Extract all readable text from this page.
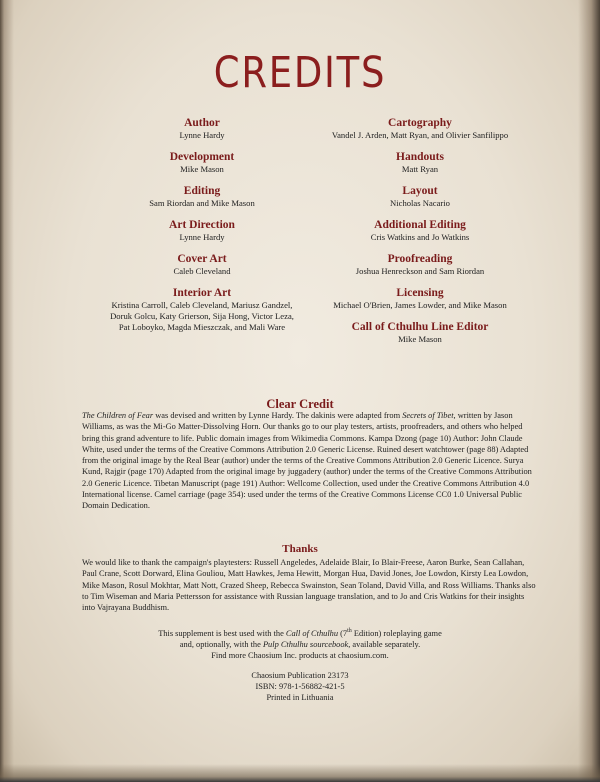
CREDITS
Author
Lynne Hardy
Development
Mike Mason
Editing
Sam Riordan and Mike Mason
Art Direction
Lynne Hardy
Cover Art
Caleb Cleveland
Interior Art
Kristina Carroll, Caleb Cleveland, Mariusz Gandzel,
Doruk Golcu, Katy Grierson, Sija Hong, Victor Leza,
Pat Loboyko, Magda Mieszczak, and Mali Ware
Cartography
Vandel J. Arden, Matt Ryan, and Olivier Sanfilippo
Handouts
Matt Ryan
Layout
Nicholas Nacario
Additional Editing
Cris Watkins and Jo Watkins
Proofreading
Joshua Henreckson and Sam Riordan
Licensing
Michael O'Brien, James Lowder, and Mike Mason
Call of Cthulhu Line Editor
Mike Mason
Clear Credit

The Children of Fear was devised and written by Lynne Hardy. The dakinis were adapted from Secrets of Tibet, written by Jason Williams, as was the Mi-Go Matter-Dissolving Horn. Our thanks go to our play testers, artists, proofreaders, and others who helped bring this grand adventure to life. Public domain images from Wikimedia Commons. Kampa Dzong (page 10) Author: John Claude White, used under the terms of the Creative Commons Attribution 2.0 Generic License. Ruined desert watchtower (page 88) Adapted from the original image by the Real Bear (author) under the terms of the Creative Commons Attribution 2.0 Generic Licence. Surya Kund, Rajgir (page 170) Adapted from the original image by juggadery (author) under the terms of the Creative Commons Attribution 2.0 Generic Licence. Tibetan Manuscript (page 191) Author: Wellcome Collection, used under the Creative Commons Attribution 4.0 International license. Camel carriage (page 354): used under the terms of the Creative Commons License CC0 1.0 Universal Public Domain Dedication.

Thanks

We would like to thank the campaign's playtesters: Russell Angeledes, Adelaide Blair, Io Blair-Freese, Aaron Burke, Sean Callahan, Paul Crane, Scott Dorward, Elina Gouliou, Matt Hawkes, Jema Hewitt, Morgan Hua, David Jones, Joe Lowdon, Kirsty Lea Lowdon, Mike Mason, Rosul Mokhtar, Matt Nott, Crazed Sheep, Rebecca Swainston, Sean Toland, David Villa, and Ross Williams. Thanks also to Tim Wiseman and Maria Pettersson for assistance with Russian language translation, and to Jo and Cris Watkins for their insights into Vajrayana Buddhism.

This supplement is best used with the Call of Cthulhu (7th Edition) roleplaying game
and, optionally, with the Pulp Cthulhu sourcebook, available separately.
Find more Chaosium Inc. products at chaosium.com.
Chaosium Publication 23173
ISBN: 978-1-56882-421-5
Printed in Lithuania
